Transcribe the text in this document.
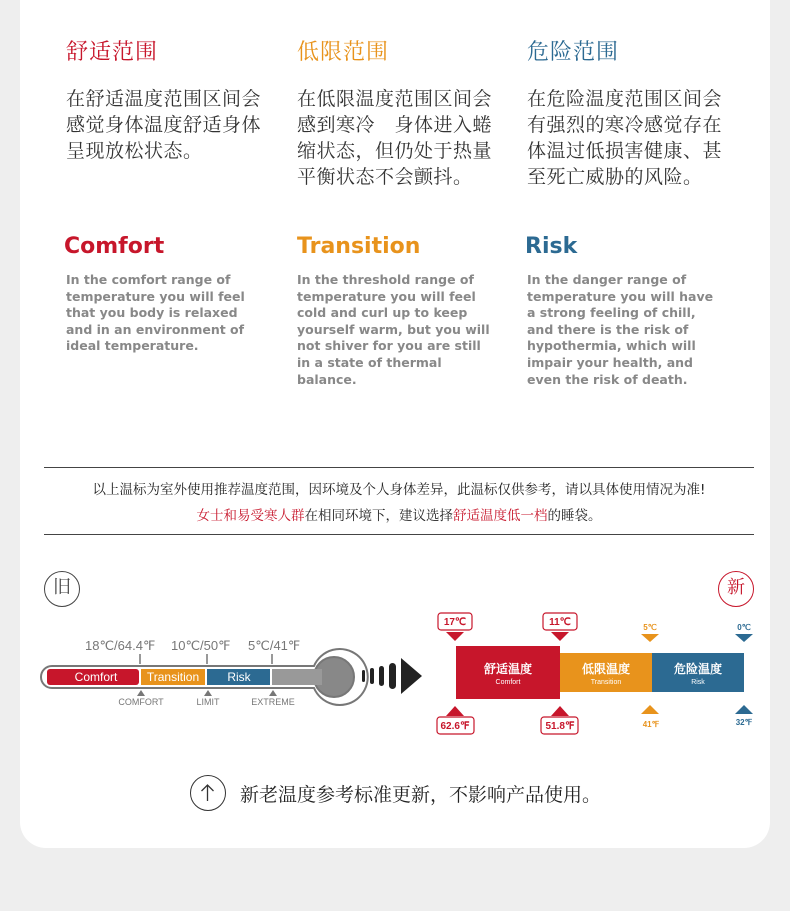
舒适范围

在舒适温度范围区间会感觉身体温度舒适身体呈现放松状态。

Comfort

In the comfort range of temperature you will feel that you body is relaxed and in an environment of ideal temperature.

低限范围

在低限温度范围区间会感到寒冷　身体进入蜷缩状态，但仍处于热量平衡状态不会颤抖。

Transition

In the threshold range of temperature you will feel cold and curl up to keep yourself warm, but you will not shiver for you are still in a state of thermal balance.

危险范围

在危险温度范围区间会有强烈的寒冷感觉存在体温过低损害健康、甚至死亡威胁的风险。

Risk

In the danger range of temperature you will have a strong feeling of chill, and there is the risk of hypothermia, which will impair your health, and even the risk of death.

以上温标为室外使用推荐温度范围，因环境及个人身体差异，此温标仅供参考，请以具体使用情况为准!
女士和易受寒人群在相同环境下，建议选择舒适温度低一档的睡袋。
旧	新
18℃/64.4℉ 10℃/50℉ 5℃/41℉
Comfort Transition Risk
COMFORT	LIMIT	EXTREME
舒适温度
Comfort
低限温度
Transition
危险温度
Risk
17℃	11℃	5℃	0℃
62.6℉	51.8℉	41℉	32℉
新老温度参考标准更新，不影响产品使用。
